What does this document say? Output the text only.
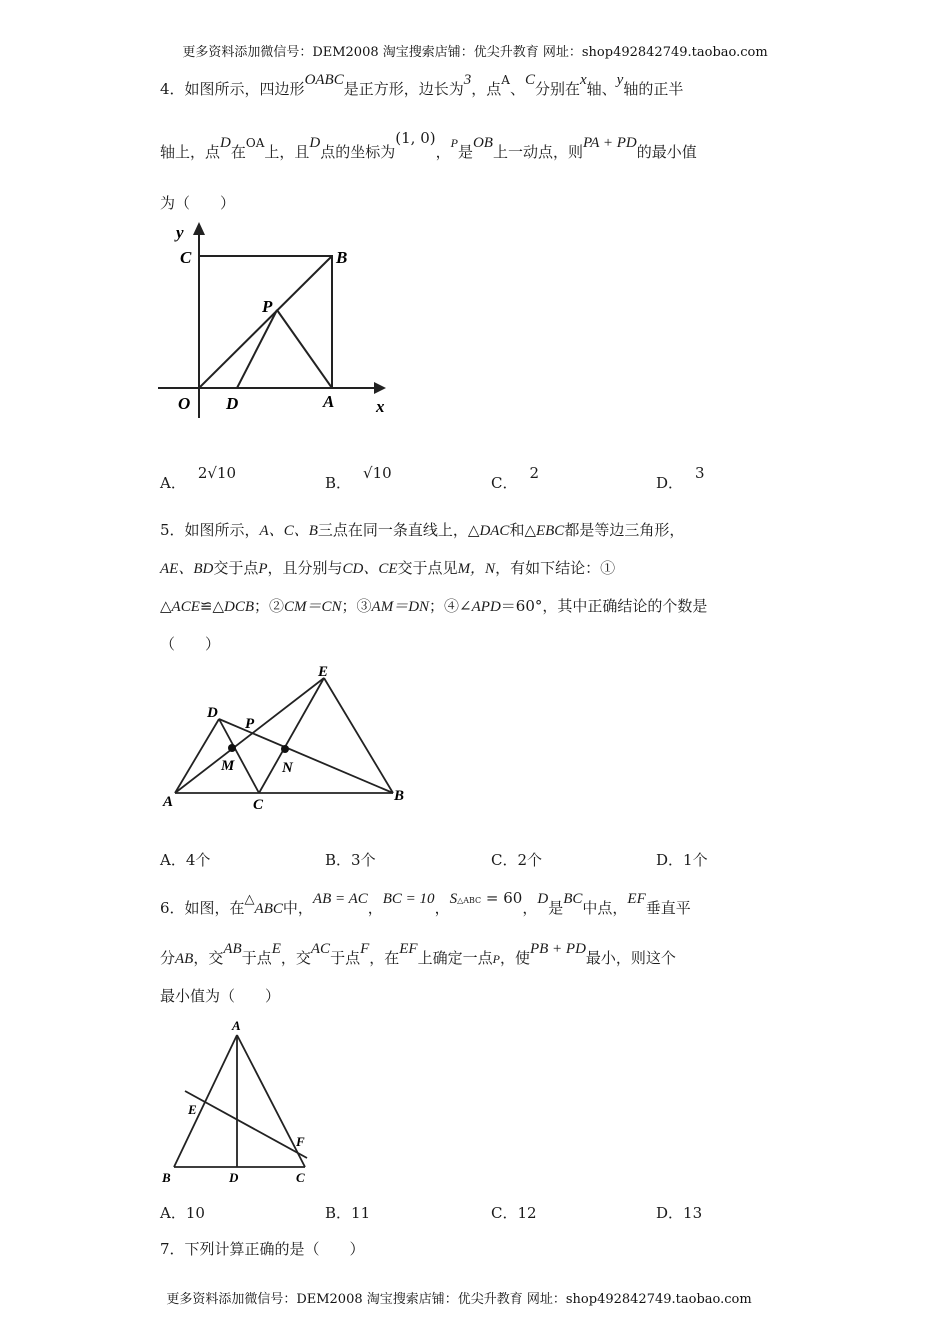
更多资料添加微信号：DEM2008 淘宝搜索店铺：优尖升教育 网址：shop492842749.taobao.com
4．如图所示，四边形OABC是正方形，边长为3，点$^A$、C分别在x轴、y轴的正半
轴上，点D在$^{OA}$上，且D点的坐标为(1, 0)，$^P$是OB上一动点，则PA + PD的最小值
为（　　）
y
C	B
P
O D	A x
A．2√10
B．√10
C．2
D．3
5．如图所示，A、C、B三点在同一条直线上，△DAC和△EBC都是等边三角形，
AE、BD交于点P，且分别与CD、CE交于点见M，N，有如下结论：①
△ACE≌△DCB；②CM＝CN；③AM＝DN；④∠APD＝60°，其中正确结论的个数是
（　　）
E
D
P
M	N
A	C
B
A．4个	B．3个	C．2个	D．1个
6．如图，在△ABC中，AB = AC，BC = 10，S△ABC = 60，D是BC中点，EF垂直平
分AB，交AB于点E，交AC于点F，在EF上确定一点P，使PB + PD最小，则这个
最小值为（　　）
A
E
F
B	D	C
A．10	B．11	C．12	D．13
7．下列计算正确的是（　　）
更多资料添加微信号：DEM2008 淘宝搜索店铺：优尖升教育 网址：shop492842749.taobao.com
